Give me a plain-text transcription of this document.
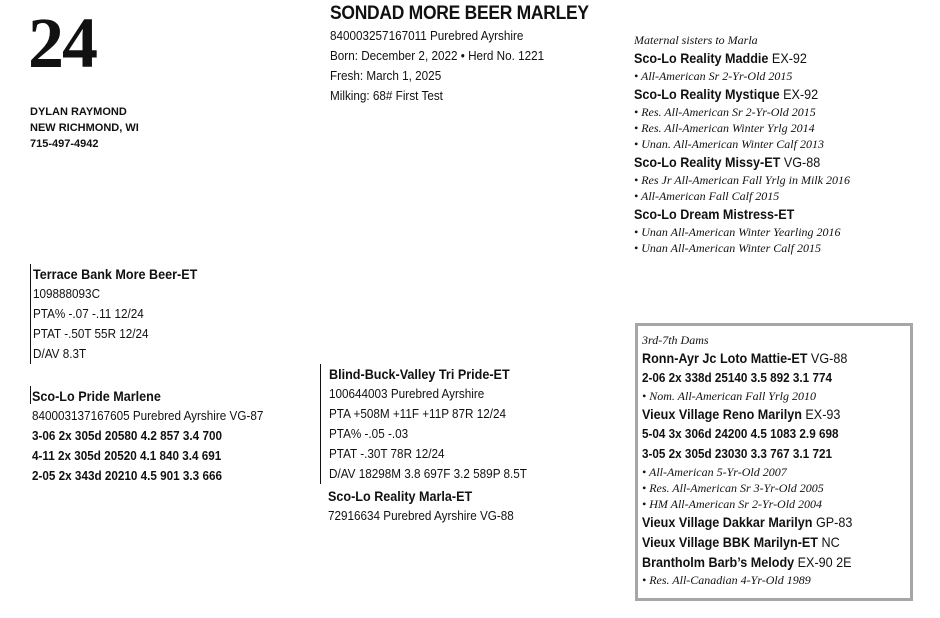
24
DYLAN RAYMOND
NEW RICHMOND, WI
715-497-4942
SONDAD MORE BEER MARLEY
840003257167011 Purebred Ayrshire
Born: December 2, 2022 • Herd No. 1221
Fresh: March 1, 2025
Milking: 68# First Test
Maternal sisters to Marla
Sco-Lo Reality Maddie EX-92
• All-American Sr 2-Yr-Old 2015
Sco-Lo Reality Mystique EX-92
• Res. All-American Sr 2-Yr-Old 2015
• Res. All-American Winter Yrlg 2014
• Unan. All-American Winter Calf 2013
Sco-Lo Reality Missy-ET VG-88
• Res Jr All-American Fall Yrlg in Milk 2016
• All-American Fall Calf 2015
Sco-Lo Dream Mistress-ET
• Unan All-American Winter Yearling 2016
• Unan All-American Winter Calf 2015
Terrace Bank More Beer-ET
109888093C
PTA% -.07 -.11 12/24
PTAT -.50T 55R 12/24
D/AV 8.3T
Sco-Lo Pride Marlene
840003137167605 Purebred Ayrshire VG-87
3-06 2x 305d 20580 4.2 857 3.4 700
4-11 2x 305d 20520 4.1 840 3.4 691
2-05 2x 343d 20210 4.5 901 3.3 666
Blind-Buck-Valley Tri Pride-ET
100644003 Purebred Ayrshire
PTA +508M +11F +11P 87R 12/24
PTA% -.05 -.03
PTAT -.30T 78R 12/24
D/AV 18298M 3.8 697F 3.2 589P 8.5T
Sco-Lo Reality Marla-ET
72916634 Purebred Ayrshire VG-88
3rd-7th Dams
Ronn-Ayr Jc Loto Mattie-ET VG-88
2-06 2x 338d 25140 3.5 892 3.1 774
• Nom. All-American Fall Yrlg 2010
Vieux Village Reno Marilyn EX-93
5-04 3x 306d 24200 4.5 1083 2.9 698
3-05 2x 305d 23030 3.3 767 3.1 721
• All-American 5-Yr-Old 2007
• Res. All-American Sr 3-Yr-Old 2005
• HM All-American Sr 2-Yr-Old 2004
Vieux Village Dakkar Marilyn GP-83
Vieux Village BBK Marilyn-ET NC
Brantholm Barb’s Melody EX-90 2E
• Res. All-Canadian 4-Yr-Old 1989
